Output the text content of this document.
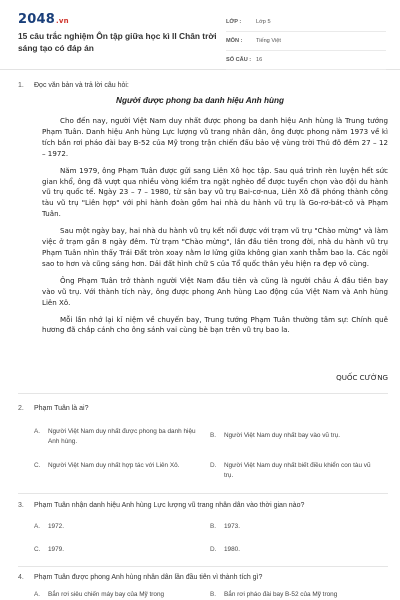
2048.vn
15 câu trắc nghiệm Ôn tập giữa học kì II Chân trời sáng tạo có đáp án
LỚP :	Lớp 5
MÔN :	Tiếng Việt
SỐ CÂU : 16
1. Đọc văn bản và trả lời câu hỏi:
Người được phong ba danh hiệu Anh hùng

Cho đến nay, người Việt Nam duy nhất được phong ba danh hiệu Anh hùng là Trung tướng Phạm Tuân. Danh hiệu Anh hùng Lực lượng vũ trang nhân dân, ông được phong năm 1973 về kì tích bắn rơi pháo đài bay B-52 của Mỹ trong trận chiến đấu bảo vệ vùng trời Thủ đô đêm 27 – 12 – 1972.

Năm 1979, ông Phạm Tuân được gửi sang Liên Xô học tập. Sau quá trình rèn luyện hết sức gian khổ, ông đã vượt qua nhiều vòng kiểm tra ngặt nghèo để được tuyển chọn vào đội du hành vũ trụ quốc tế. Ngày 23 – 7 – 1980, từ sân bay vũ trụ Bai-cơ-nua, Liên Xô đã phóng thành công tàu vũ trụ "Liên hợp" với phi hành đoàn gồm hai nhà du hành vũ trụ là Go-rơ-bát-cô và Phạm Tuân.

Sau một ngày bay, hai nhà du hành vũ trụ kết nối được với trạm vũ trụ "Chào mừng" và làm việc ở trạm gần 8 ngày đêm. Từ trạm "Chào mừng", lần đầu tiên trong đời, nhà du hành vũ trụ Phạm Tuân nhìn thấy Trái Đất tròn xoay nằm lơ lửng giữa không gian xanh thẫm bao la. Các ngôi sao to hơn và cũng sáng hơn. Dải đất hình chữ S của Tổ quốc thân yêu hiện ra đẹp vô cùng.

Ông Phạm Tuân trở thành người Việt Nam đầu tiên và cũng là người châu Á đầu tiên bay vào vũ trụ. Với thành tích này, ông được phong Anh hùng Lao động của Việt Nam và Anh hùng Liên Xô.

Mỗi lần nhớ lại kỉ niệm về chuyến bay, Trung tướng Phạm Tuân thường tâm sự: Chính quê hương đã chắp cánh cho ông sánh vai cùng bè bạn trên vũ trụ bao la.

QUỐC CƯỜNG
2. Phạm Tuân là ai?
A.	Người Việt Nam duy nhất được phong ba danh hiệu Anh hùng.
B.	Người Việt Nam duy nhất bay vào vũ trụ.
C.	Người Việt Nam duy nhất hợp tác với Liên Xô.	D.	Người Việt Nam duy nhất biết điều khiển con tàu vũ trụ.
3. Phạm Tuân nhận danh hiệu Anh hùng Lực lượng vũ trang nhân dân vào thời gian nào?
A.	1972.	B.	1973.
C.	1979.	D.	1980.
4. Phạm Tuân được phong Anh hùng nhân dân lần đầu tiên vì thành tích gì?
A.	Bắn rơi siêu chiến máy bay của Mỹ trong	B.	Bắn rơi pháo đài bay B-52 của Mỹ trong
